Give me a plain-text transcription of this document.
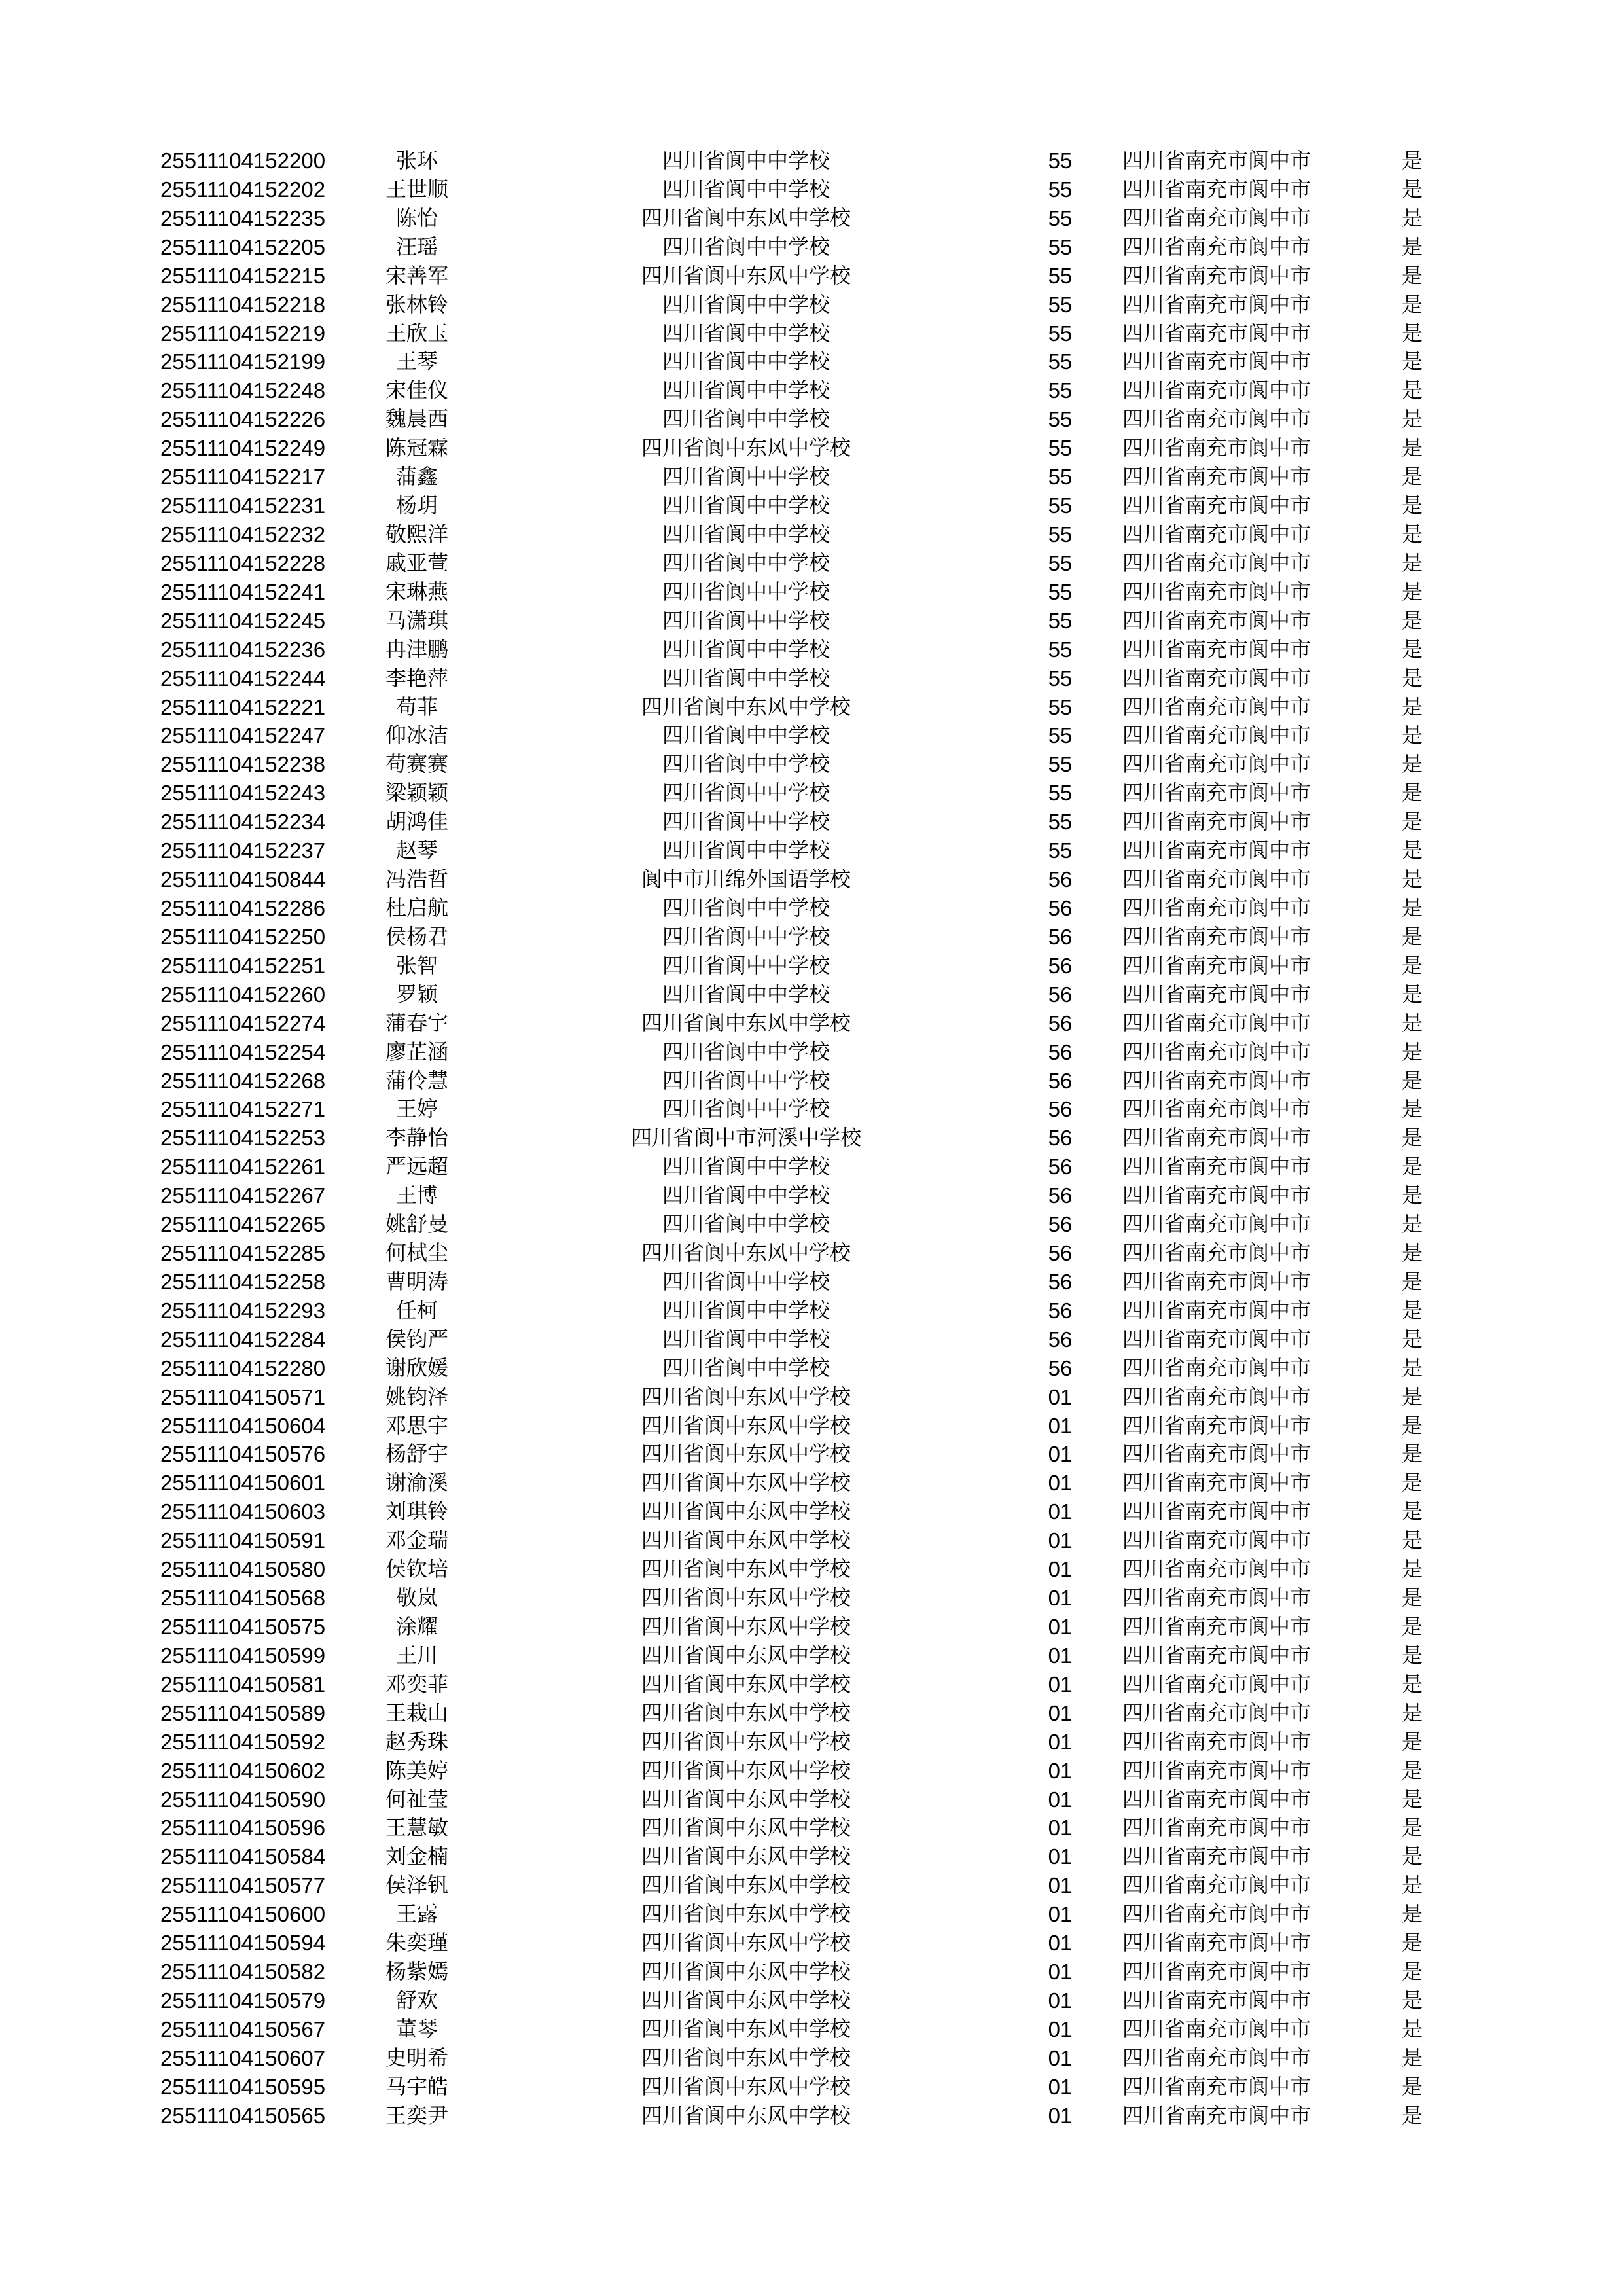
25511104152200	张环	四川省阆中中学校	55	四川省南充市阆中市	是
25511104152202	王世顺	四川省阆中中学校	55	四川省南充市阆中市	是
25511104152235	陈怡	四川省阆中东风中学校	55	四川省南充市阆中市	是
25511104152205	汪瑶	四川省阆中中学校	55	四川省南充市阆中市	是
25511104152215	宋善军	四川省阆中东风中学校	55	四川省南充市阆中市	是
25511104152218	张林铃	四川省阆中中学校	55	四川省南充市阆中市	是
25511104152219	王欣玉	四川省阆中中学校	55	四川省南充市阆中市	是
25511104152199	王琴	四川省阆中中学校	55	四川省南充市阆中市	是
25511104152248	宋佳仪	四川省阆中中学校	55	四川省南充市阆中市	是
25511104152226	魏晨西	四川省阆中中学校	55	四川省南充市阆中市	是
25511104152249	陈冠霖	四川省阆中东风中学校	55	四川省南充市阆中市	是
25511104152217	蒲鑫	四川省阆中中学校	55	四川省南充市阆中市	是
25511104152231	杨玥	四川省阆中中学校	55	四川省南充市阆中市	是
25511104152232	敬熙洋	四川省阆中中学校	55	四川省南充市阆中市	是
25511104152228	戚亚萱	四川省阆中中学校	55	四川省南充市阆中市	是
25511104152241	宋琳燕	四川省阆中中学校	55	四川省南充市阆中市	是
25511104152245	马潇琪	四川省阆中中学校	55	四川省南充市阆中市	是
25511104152236	冉津鹏	四川省阆中中学校	55	四川省南充市阆中市	是
25511104152244	李艳萍	四川省阆中中学校	55	四川省南充市阆中市	是
25511104152221	苟菲	四川省阆中东风中学校	55	四川省南充市阆中市	是
25511104152247	仰冰洁	四川省阆中中学校	55	四川省南充市阆中市	是
25511104152238	苟赛赛	四川省阆中中学校	55	四川省南充市阆中市	是
25511104152243	梁颖颖	四川省阆中中学校	55	四川省南充市阆中市	是
25511104152234	胡鸿佳	四川省阆中中学校	55	四川省南充市阆中市	是
25511104152237	赵琴	四川省阆中中学校	55	四川省南充市阆中市	是
25511104150844	冯浩哲	阆中市川绵外国语学校	56	四川省南充市阆中市	是
25511104152286	杜启航	四川省阆中中学校	56	四川省南充市阆中市	是
25511104152250	侯杨君	四川省阆中中学校	56	四川省南充市阆中市	是
25511104152251	张智	四川省阆中中学校	56	四川省南充市阆中市	是
25511104152260	罗颖	四川省阆中中学校	56	四川省南充市阆中市	是
25511104152274	蒲春宇	四川省阆中东风中学校	56	四川省南充市阆中市	是
25511104152254	廖芷涵	四川省阆中中学校	56	四川省南充市阆中市	是
25511104152268	蒲伶慧	四川省阆中中学校	56	四川省南充市阆中市	是
25511104152271	王婷	四川省阆中中学校	56	四川省南充市阆中市	是
25511104152253	李静怡	四川省阆中市河溪中学校	56	四川省南充市阆中市	是
25511104152261	严远超	四川省阆中中学校	56	四川省南充市阆中市	是
25511104152267	王博	四川省阆中中学校	56	四川省南充市阆中市	是
25511104152265	姚舒曼	四川省阆中中学校	56	四川省南充市阆中市	是
25511104152285	何栻尘	四川省阆中东风中学校	56	四川省南充市阆中市	是
25511104152258	曹明涛	四川省阆中中学校	56	四川省南充市阆中市	是
25511104152293	任柯	四川省阆中中学校	56	四川省南充市阆中市	是
25511104152284	侯钧严	四川省阆中中学校	56	四川省南充市阆中市	是
25511104152280	谢欣媛	四川省阆中中学校	56	四川省南充市阆中市	是
25511104150571	姚钧泽	四川省阆中东风中学校	01	四川省南充市阆中市	是
25511104150604	邓思宇	四川省阆中东风中学校	01	四川省南充市阆中市	是
25511104150576	杨舒宇	四川省阆中东风中学校	01	四川省南充市阆中市	是
25511104150601	谢渝溪	四川省阆中东风中学校	01	四川省南充市阆中市	是
25511104150603	刘琪铃	四川省阆中东风中学校	01	四川省南充市阆中市	是
25511104150591	邓金瑞	四川省阆中东风中学校	01	四川省南充市阆中市	是
25511104150580	侯钦培	四川省阆中东风中学校	01	四川省南充市阆中市	是
25511104150568	敬岚	四川省阆中东风中学校	01	四川省南充市阆中市	是
25511104150575	涂耀	四川省阆中东风中学校	01	四川省南充市阆中市	是
25511104150599	王川	四川省阆中东风中学校	01	四川省南充市阆中市	是
25511104150581	邓奕菲	四川省阆中东风中学校	01	四川省南充市阆中市	是
25511104150589	王栽山	四川省阆中东风中学校	01	四川省南充市阆中市	是
25511104150592	赵秀珠	四川省阆中东风中学校	01	四川省南充市阆中市	是
25511104150602	陈美婷	四川省阆中东风中学校	01	四川省南充市阆中市	是
25511104150590	何祉莹	四川省阆中东风中学校	01	四川省南充市阆中市	是
25511104150596	王慧敏	四川省阆中东风中学校	01	四川省南充市阆中市	是
25511104150584	刘金楠	四川省阆中东风中学校	01	四川省南充市阆中市	是
25511104150577	侯泽钒	四川省阆中东风中学校	01	四川省南充市阆中市	是
25511104150600	王露	四川省阆中东风中学校	01	四川省南充市阆中市	是
25511104150594	朱奕瑾	四川省阆中东风中学校	01	四川省南充市阆中市	是
25511104150582	杨紫嫣	四川省阆中东风中学校	01	四川省南充市阆中市	是
25511104150579	舒欢	四川省阆中东风中学校	01	四川省南充市阆中市	是
25511104150567	董琴	四川省阆中东风中学校	01	四川省南充市阆中市	是
25511104150607	史明希	四川省阆中东风中学校	01	四川省南充市阆中市	是
25511104150595	马宇皓	四川省阆中东风中学校	01	四川省南充市阆中市	是
25511104150565	王奕尹	四川省阆中东风中学校	01	四川省南充市阆中市	是
